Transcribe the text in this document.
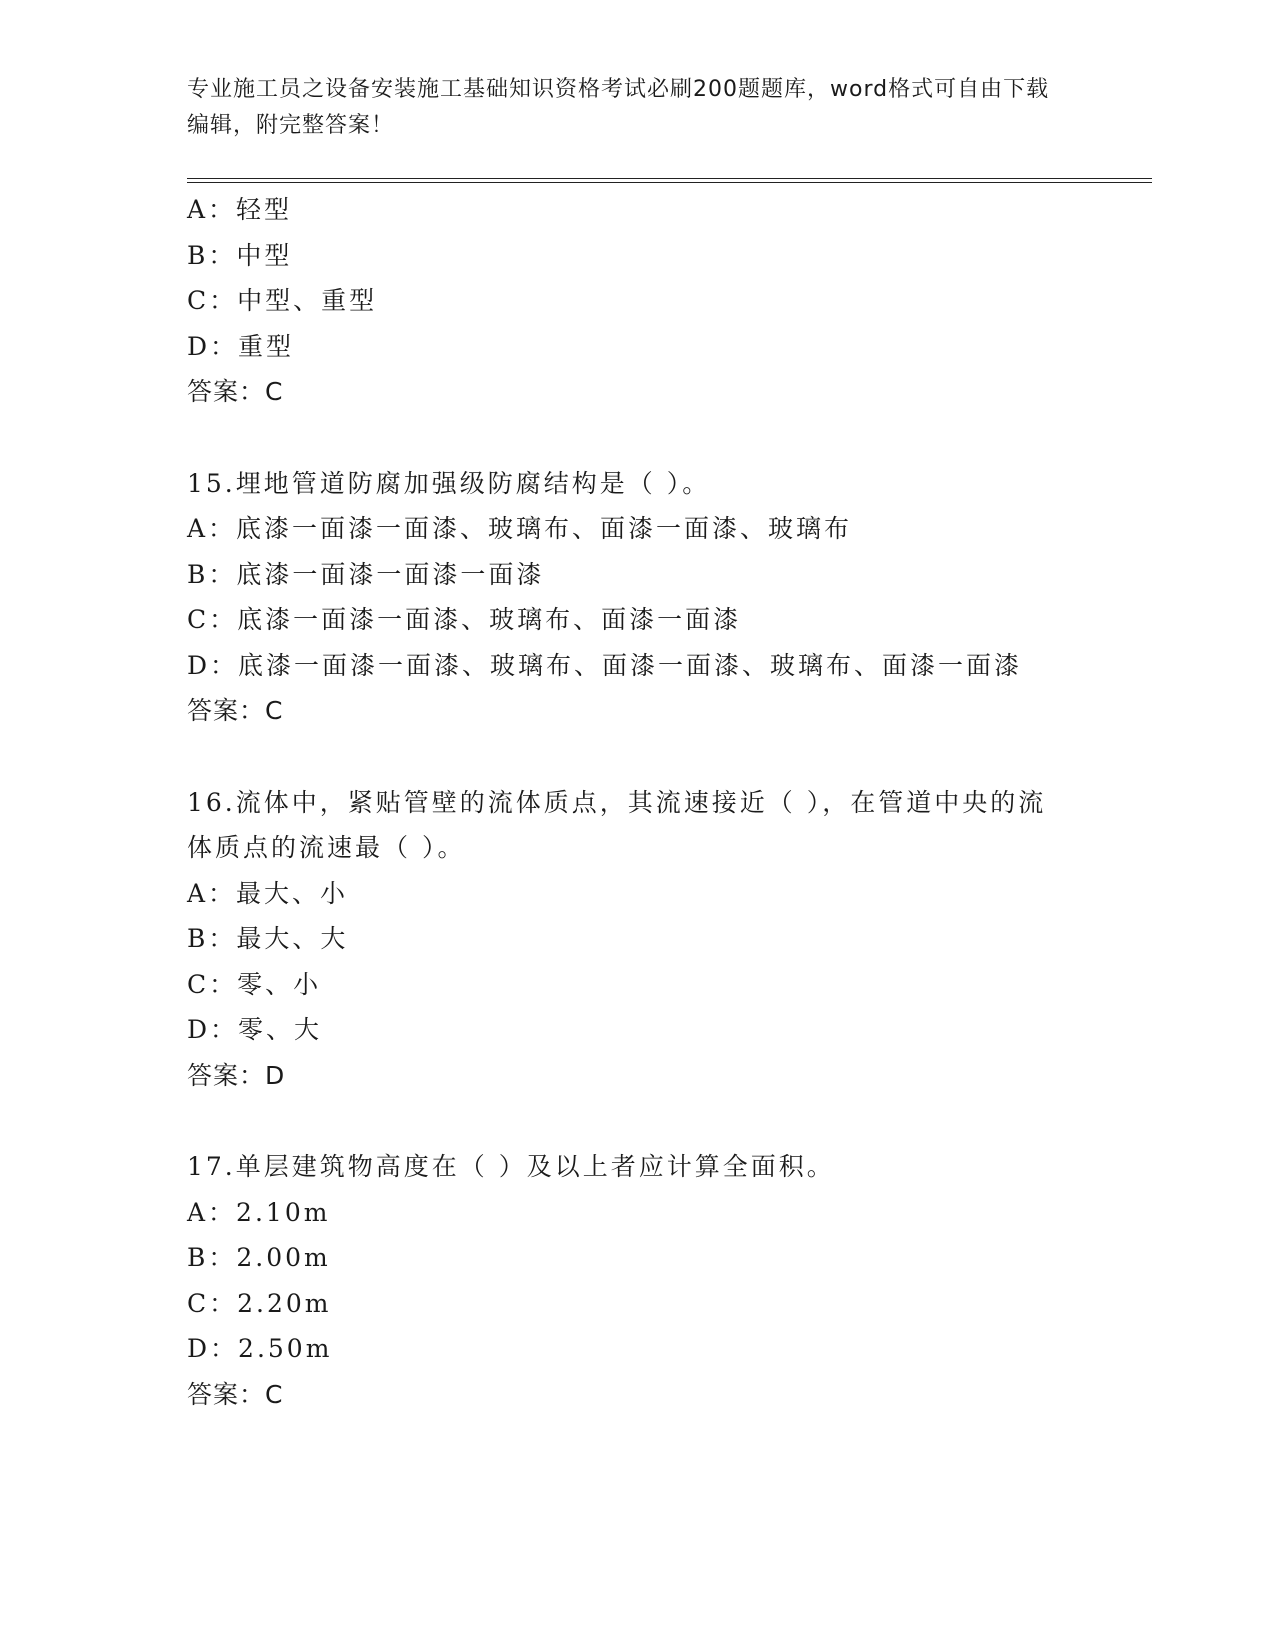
专业施工员之设备安装施工基础知识资格考试必刷200题题库，word格式可自由下载编辑，附完整答案！
A：轻型
B：中型
C：中型、重型
D：重型
答案：C
15.埋地管道防腐加强级防腐结构是（ ）。
A：底漆一面漆一面漆、玻璃布、面漆一面漆、玻璃布
B：底漆一面漆一面漆一面漆
C：底漆一面漆一面漆、玻璃布、面漆一面漆
D：底漆一面漆一面漆、玻璃布、面漆一面漆、玻璃布、面漆一面漆
答案：C
16.流体中，紧贴管壁的流体质点，其流速接近（ ），在管道中央的流体质点的流速最（ ）。
A：最大、小
B：最大、大
C：零、小
D：零、大
答案：D
17.单层建筑物高度在（ ）及以上者应计算全面积。
A：2.10m
B：2.00m
C：2.20m
D：2.50m
答案：C
